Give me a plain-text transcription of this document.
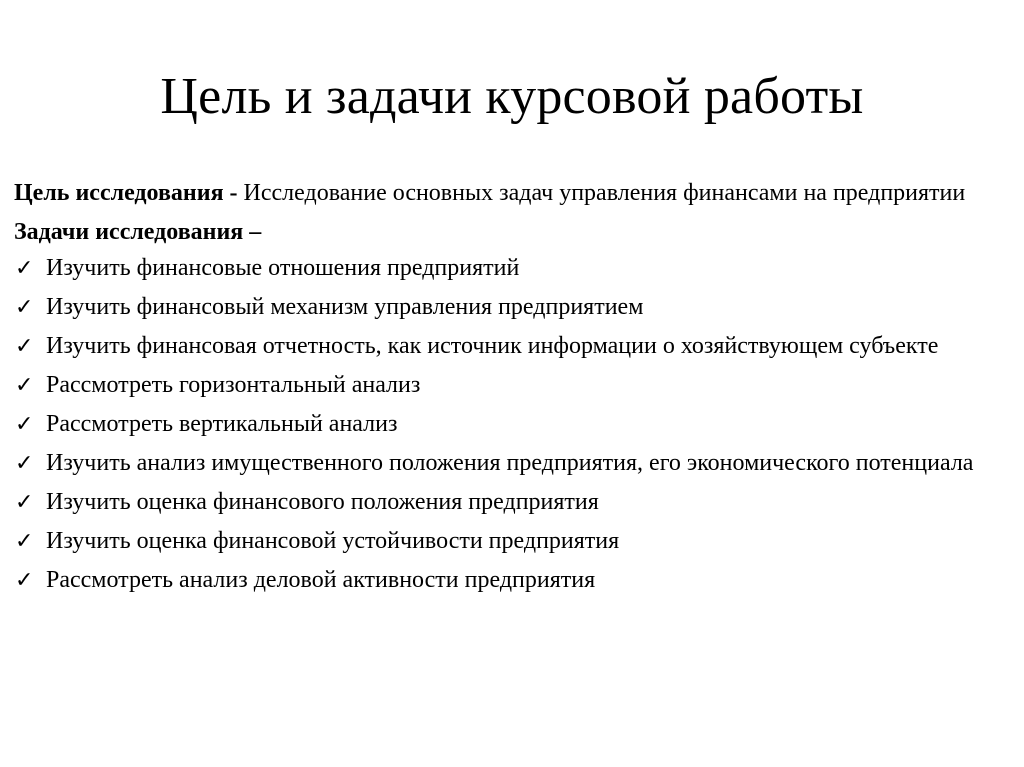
Цель и задачи курсовой работы

Цель исследования - Исследование основных задач управления финансами на предприятии

Задачи исследования –
✓ Изучить финансовые отношения предприятий
✓ Изучить финансовый механизм управления предприятием
✓ Изучить финансовая отчетность, как источник информации о хозяйствующем субъекте
✓ Рассмотреть горизонтальный анализ
✓ Рассмотреть вертикальный анализ
✓ Изучить анализ имущественного положения предприятия, его экономического потенциала
✓ Изучить оценка финансового положения предприятия
✓ Изучить оценка финансовой устойчивости предприятия
✓ Рассмотреть анализ деловой активности предприятия
